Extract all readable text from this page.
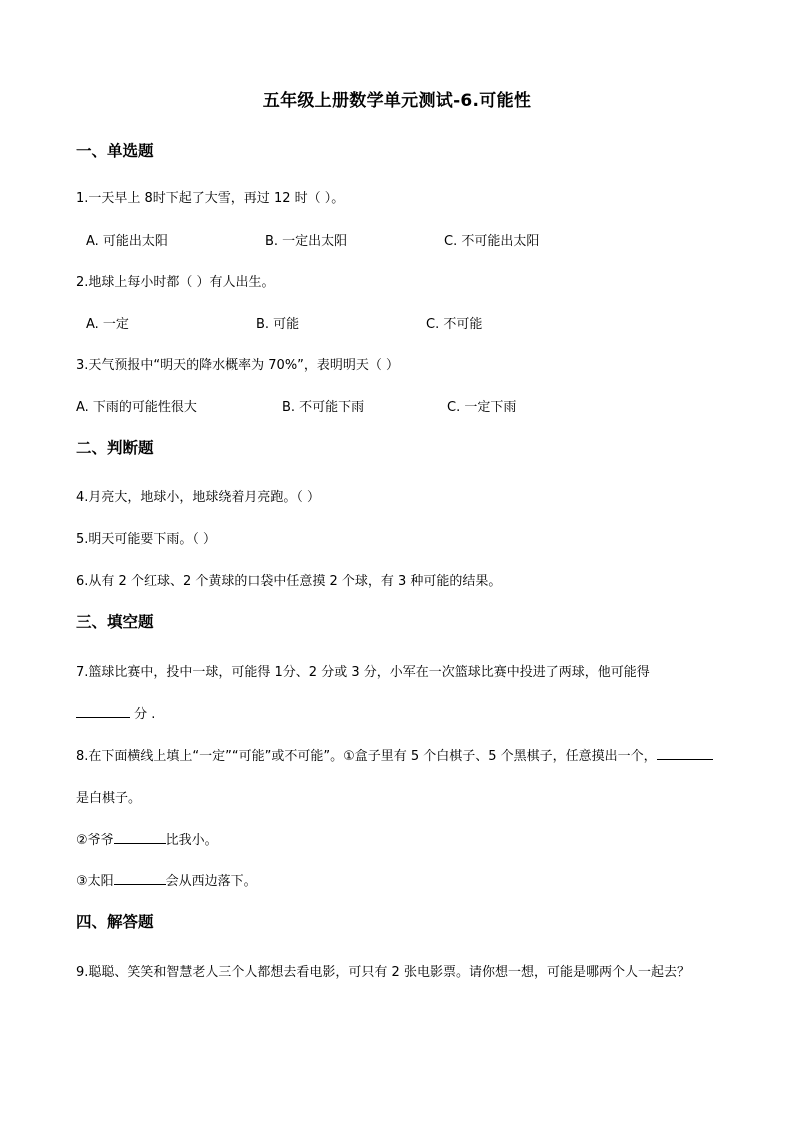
五年级上册数学单元测试-6.可能性
一、单选题
1.一天早上 8时下起了大雪，再过 12 时（ ）。
A. 可能出太阳	B. 一定出太阳	C. 不可能出太阳
2.地球上每小时都（ ）有人出生。
A. 一定	B. 可能	C. 不可能
3.天气预报中“明天的降水概率为 70%”，表明明天（ ）
A. 下雨的可能性很大	B. 不可能下雨	C. 一定下雨
二、判断题
4.月亮大，地球小，地球绕着月亮跑。（ ）
5.明天可能要下雨。（ ）
6.从有 2 个红球、2 个黄球的口袋中任意摸 2 个球，有 3 种可能的结果。
三、填空题
7.篮球比赛中，投中一球，可能得 1分、2 分或 3 分，小军在一次篮球比赛中投进了两球，他可能得
分 .
8.在下面横线上填上“一定”“可能”或不可能”。①盒子里有 5 个白棋子、5 个黑棋子，任意摸出一个，
是白棋子。
②爷爷	比我小。
③太阳	会从西边落下。
四、解答题
9.聪聪、笑笑和智慧老人三个人都想去看电影，可只有 2 张电影票。请你想一想，可能是哪两个人一起去？
